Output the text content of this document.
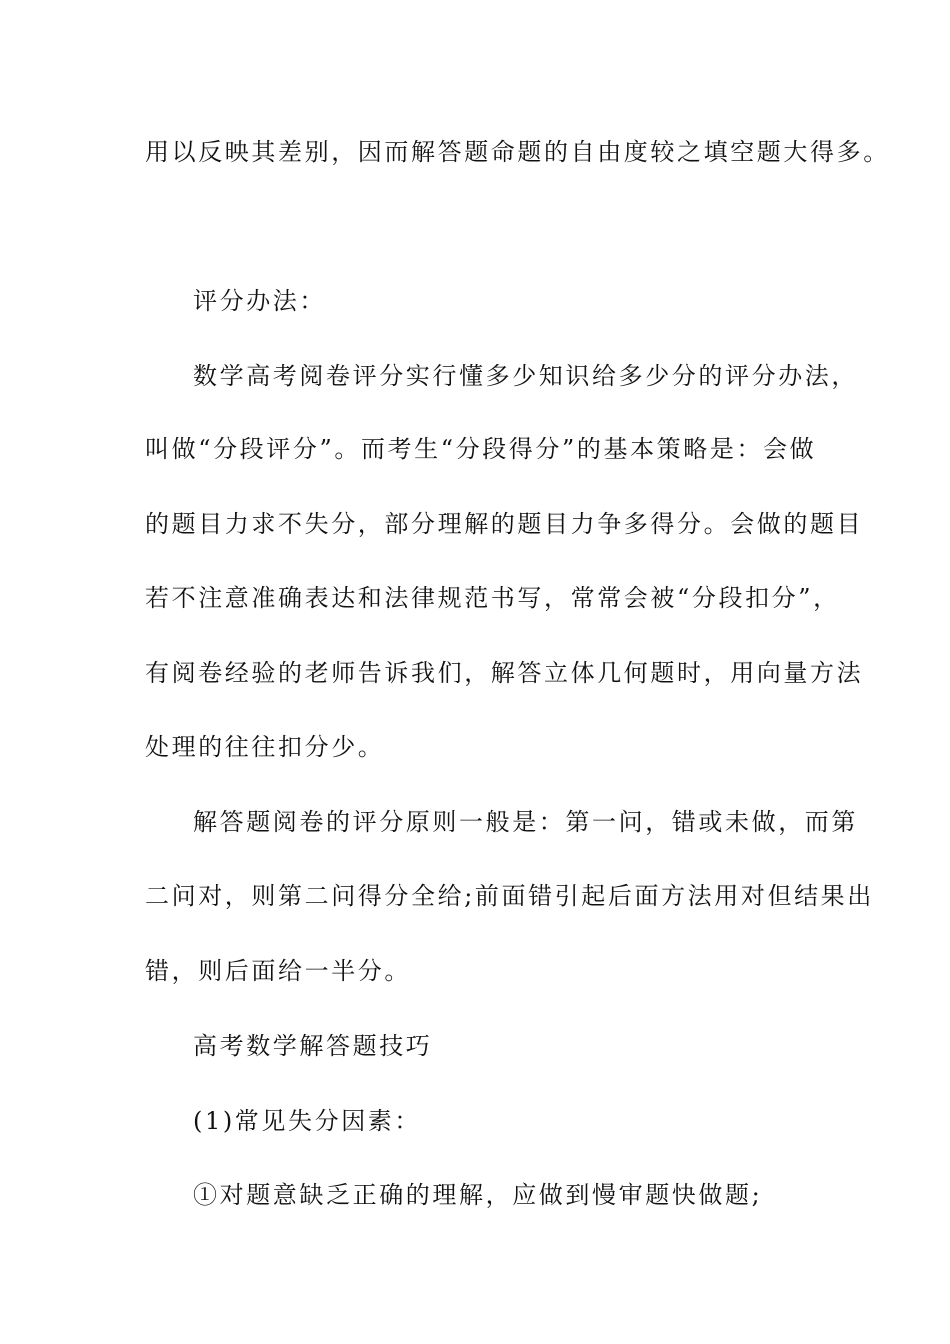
用以反映其差别，因而解答题命题的自由度较之填空题大得多。
评分办法：
数学高考阅卷评分实行懂多少知识给多少分的评分办法，
叫做“分段评分”。而考生“分段得分”的基本策略是：会做
的题目力求不失分，部分理解的题目力争多得分。会做的题目
若不注意准确表达和法律规范书写，常常会被“分段扣分”，
有阅卷经验的老师告诉我们，解答立体几何题时，用向量方法
处理的往往扣分少。
解答题阅卷的评分原则一般是：第一问，错或未做，而第
二问对，则第二问得分全给;前面错引起后面方法用对但结果出
错，则后面给一半分。
高考数学解答题技巧
(1)常见失分因素：
①对题意缺乏正确的理解，应做到慢审题快做题;
